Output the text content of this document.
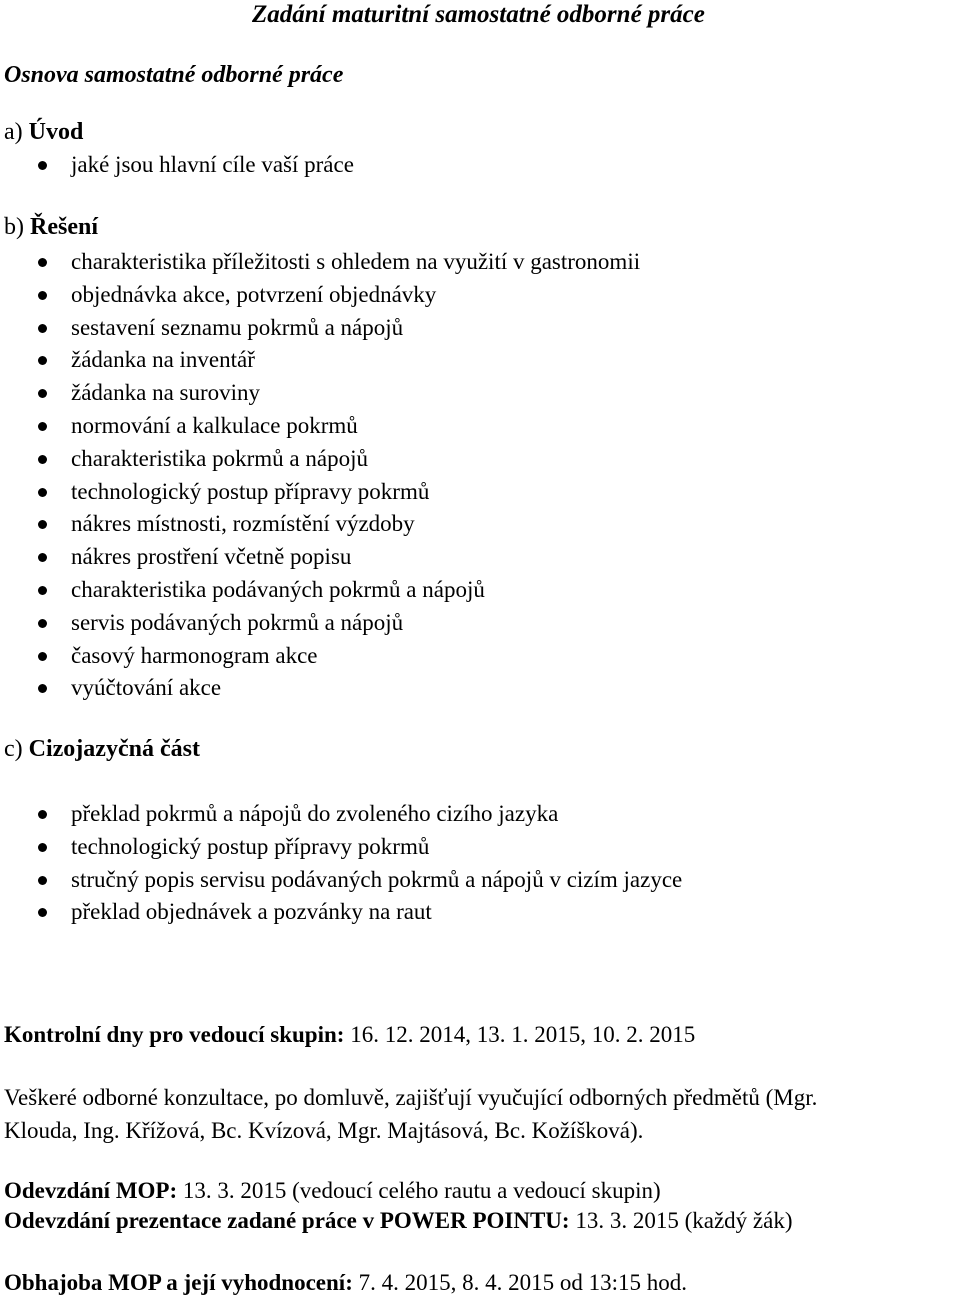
Zadání maturitní samostatné odborné práce
Osnova samostatné odborné práce
a) Úvod
jaké jsou hlavní cíle vaší práce
b) Řešení
charakteristika příležitosti s ohledem na využití v gastronomii
objednávka akce, potvrzení objednávky
sestavení seznamu pokrmů a nápojů
žádanka na inventář
žádanka na suroviny
normování a kalkulace pokrmů
charakteristika pokrmů a nápojů
technologický postup přípravy pokrmů
nákres místnosti, rozmístění výzdoby
nákres prostření včetně popisu
charakteristika podávaných pokrmů a nápojů
servis podávaných pokrmů a nápojů
časový harmonogram akce
vyúčtování akce
c) Cizojazyčná část
překlad pokrmů a nápojů do zvoleného cizího jazyka
technologický postup přípravy pokrmů
stručný popis servisu podávaných pokrmů a nápojů v cizím jazyce
překlad objednávek a pozvánky na raut
Kontrolní dny pro vedoucí skupin: 16. 12. 2014, 13. 1. 2015, 10. 2. 2015
Veškeré odborné konzultace, po domluvě, zajišťují vyučující odborných předmětů (Mgr.
Klouda, Ing. Křížová, Bc. Kvízová, Mgr. Majtásová, Bc. Kožíšková).
Odevzdání MOP: 13. 3. 2015 (vedoucí celého rautu a vedoucí skupin)
Odevzdání prezentace zadané práce v POWER POINTU: 13. 3. 2015 (každý žák)
Obhajoba MOP a její vyhodnocení: 7. 4. 2015, 8. 4. 2015 od 13:15 hod.
